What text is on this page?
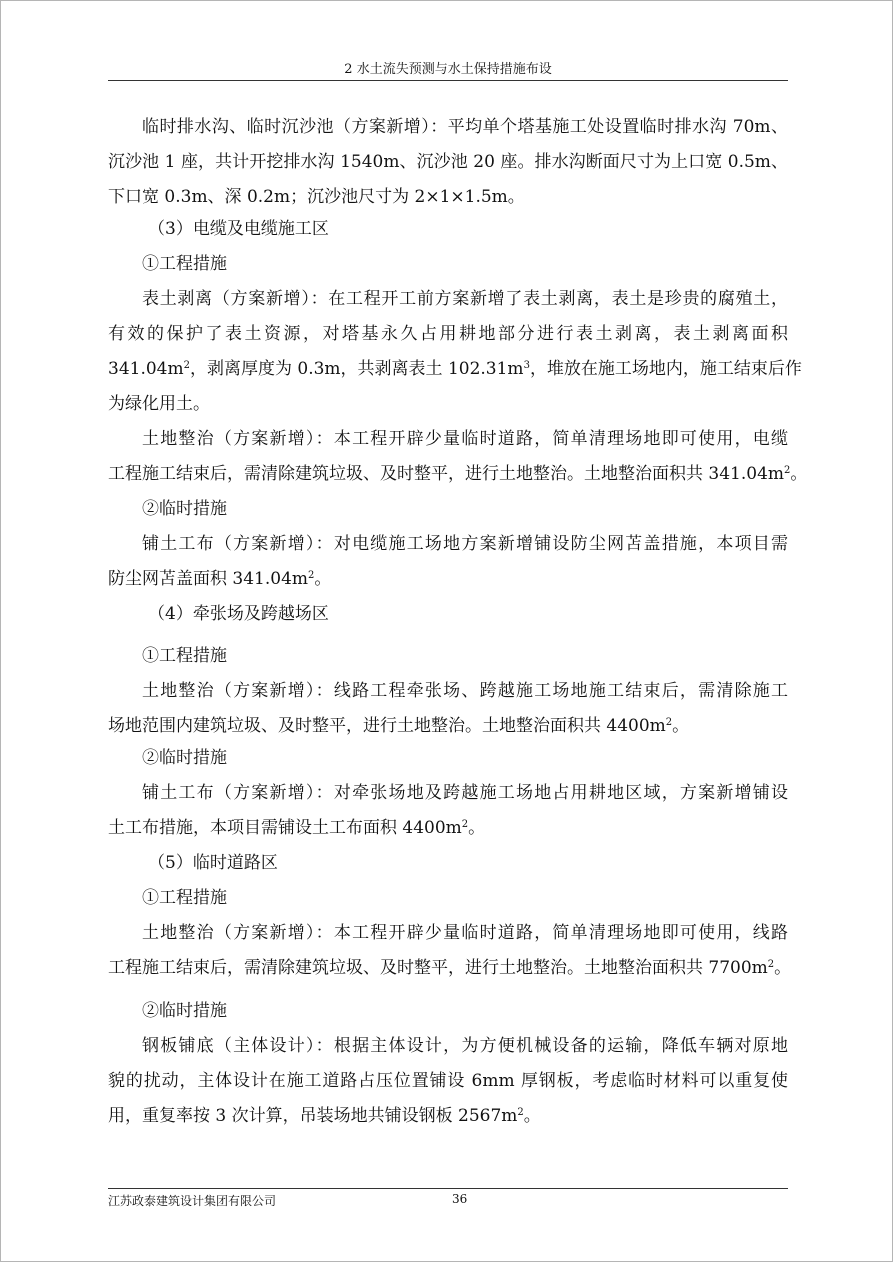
2 水土流失预测与水土保持措施布设
临时排水沟、临时沉沙池（方案新增）：平均单个塔基施工处设置临时排水沟 70m、
沉沙池 1 座，共计开挖排水沟 1540m、沉沙池 20 座。排水沟断面尺寸为上口宽 0.5m、
下口宽 0.3m、深 0.2m；沉沙池尺寸为 2×1×1.5m。
（3）电缆及电缆施工区
①工程措施
表土剥离（方案新增）：在工程开工前方案新增了表土剥离，表土是珍贵的腐殖土，
有效的保护了表土资源，对塔基永久占用耕地部分进行表土剥离，表土剥离面积
$341.04m^2$，剥离厚度为 0.3m，共剥离表土 $102.31m^3$，堆放在施工场地内，施工结束后作
为绿化用土。
土地整治（方案新增）：本工程开辟少量临时道路，简单清理场地即可使用，电缆
工程施工结束后，需清除建筑垃圾、及时整平，进行土地整治。土地整治面积共 $341.04m^2$。
②临时措施
铺土工布（方案新增）：对电缆施工场地方案新增铺设防尘网苫盖措施，本项目需
防尘网苫盖面积 $341.04m^2$。
（4）牵张场及跨越场区
①工程措施
土地整治（方案新增）：线路工程牵张场、跨越施工场地施工结束后，需清除施工
场地范围内建筑垃圾、及时整平，进行土地整治。土地整治面积共 $4400m^2$。
②临时措施
铺土工布（方案新增）：对牵张场地及跨越施工场地占用耕地区域，方案新增铺设
土工布措施，本项目需铺设土工布面积 $4400m^2$。
（5）临时道路区
①工程措施
土地整治（方案新增）：本工程开辟少量临时道路，简单清理场地即可使用，线路
工程施工结束后，需清除建筑垃圾、及时整平，进行土地整治。土地整治面积共 $7700m^2$。
②临时措施
钢板铺底（主体设计）：根据主体设计，为方便机械设备的运输，降低车辆对原地
貌的扰动，主体设计在施工道路占压位置铺设 6mm 厚钢板，考虑临时材料可以重复使
用，重复率按 3 次计算，吊装场地共铺设钢板 $2567m^2$。
江苏政泰建筑设计集团有限公司	36
